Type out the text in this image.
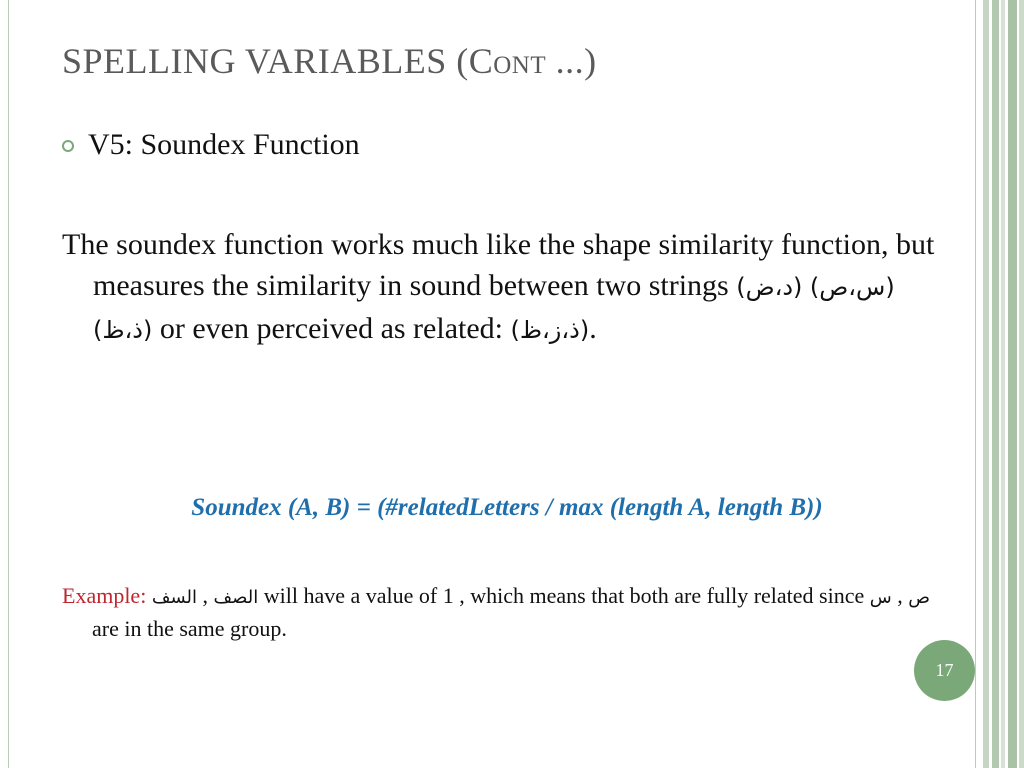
SPELLING VARIABLES (Cont ...)
V5: Soundex Function
The soundex function works much like the shape similarity function, but measures the similarity in sound between two strings (د،ض) (س،ص) (ذ،ظ) or even perceived as related: (ذ،ز،ظ).
Soundex (A, B) = (#relatedLetters / max (length A, length B))
Example: السف , الصف will have a value of 1 , which means that both are fully related since ص , س are in the same group.
17
